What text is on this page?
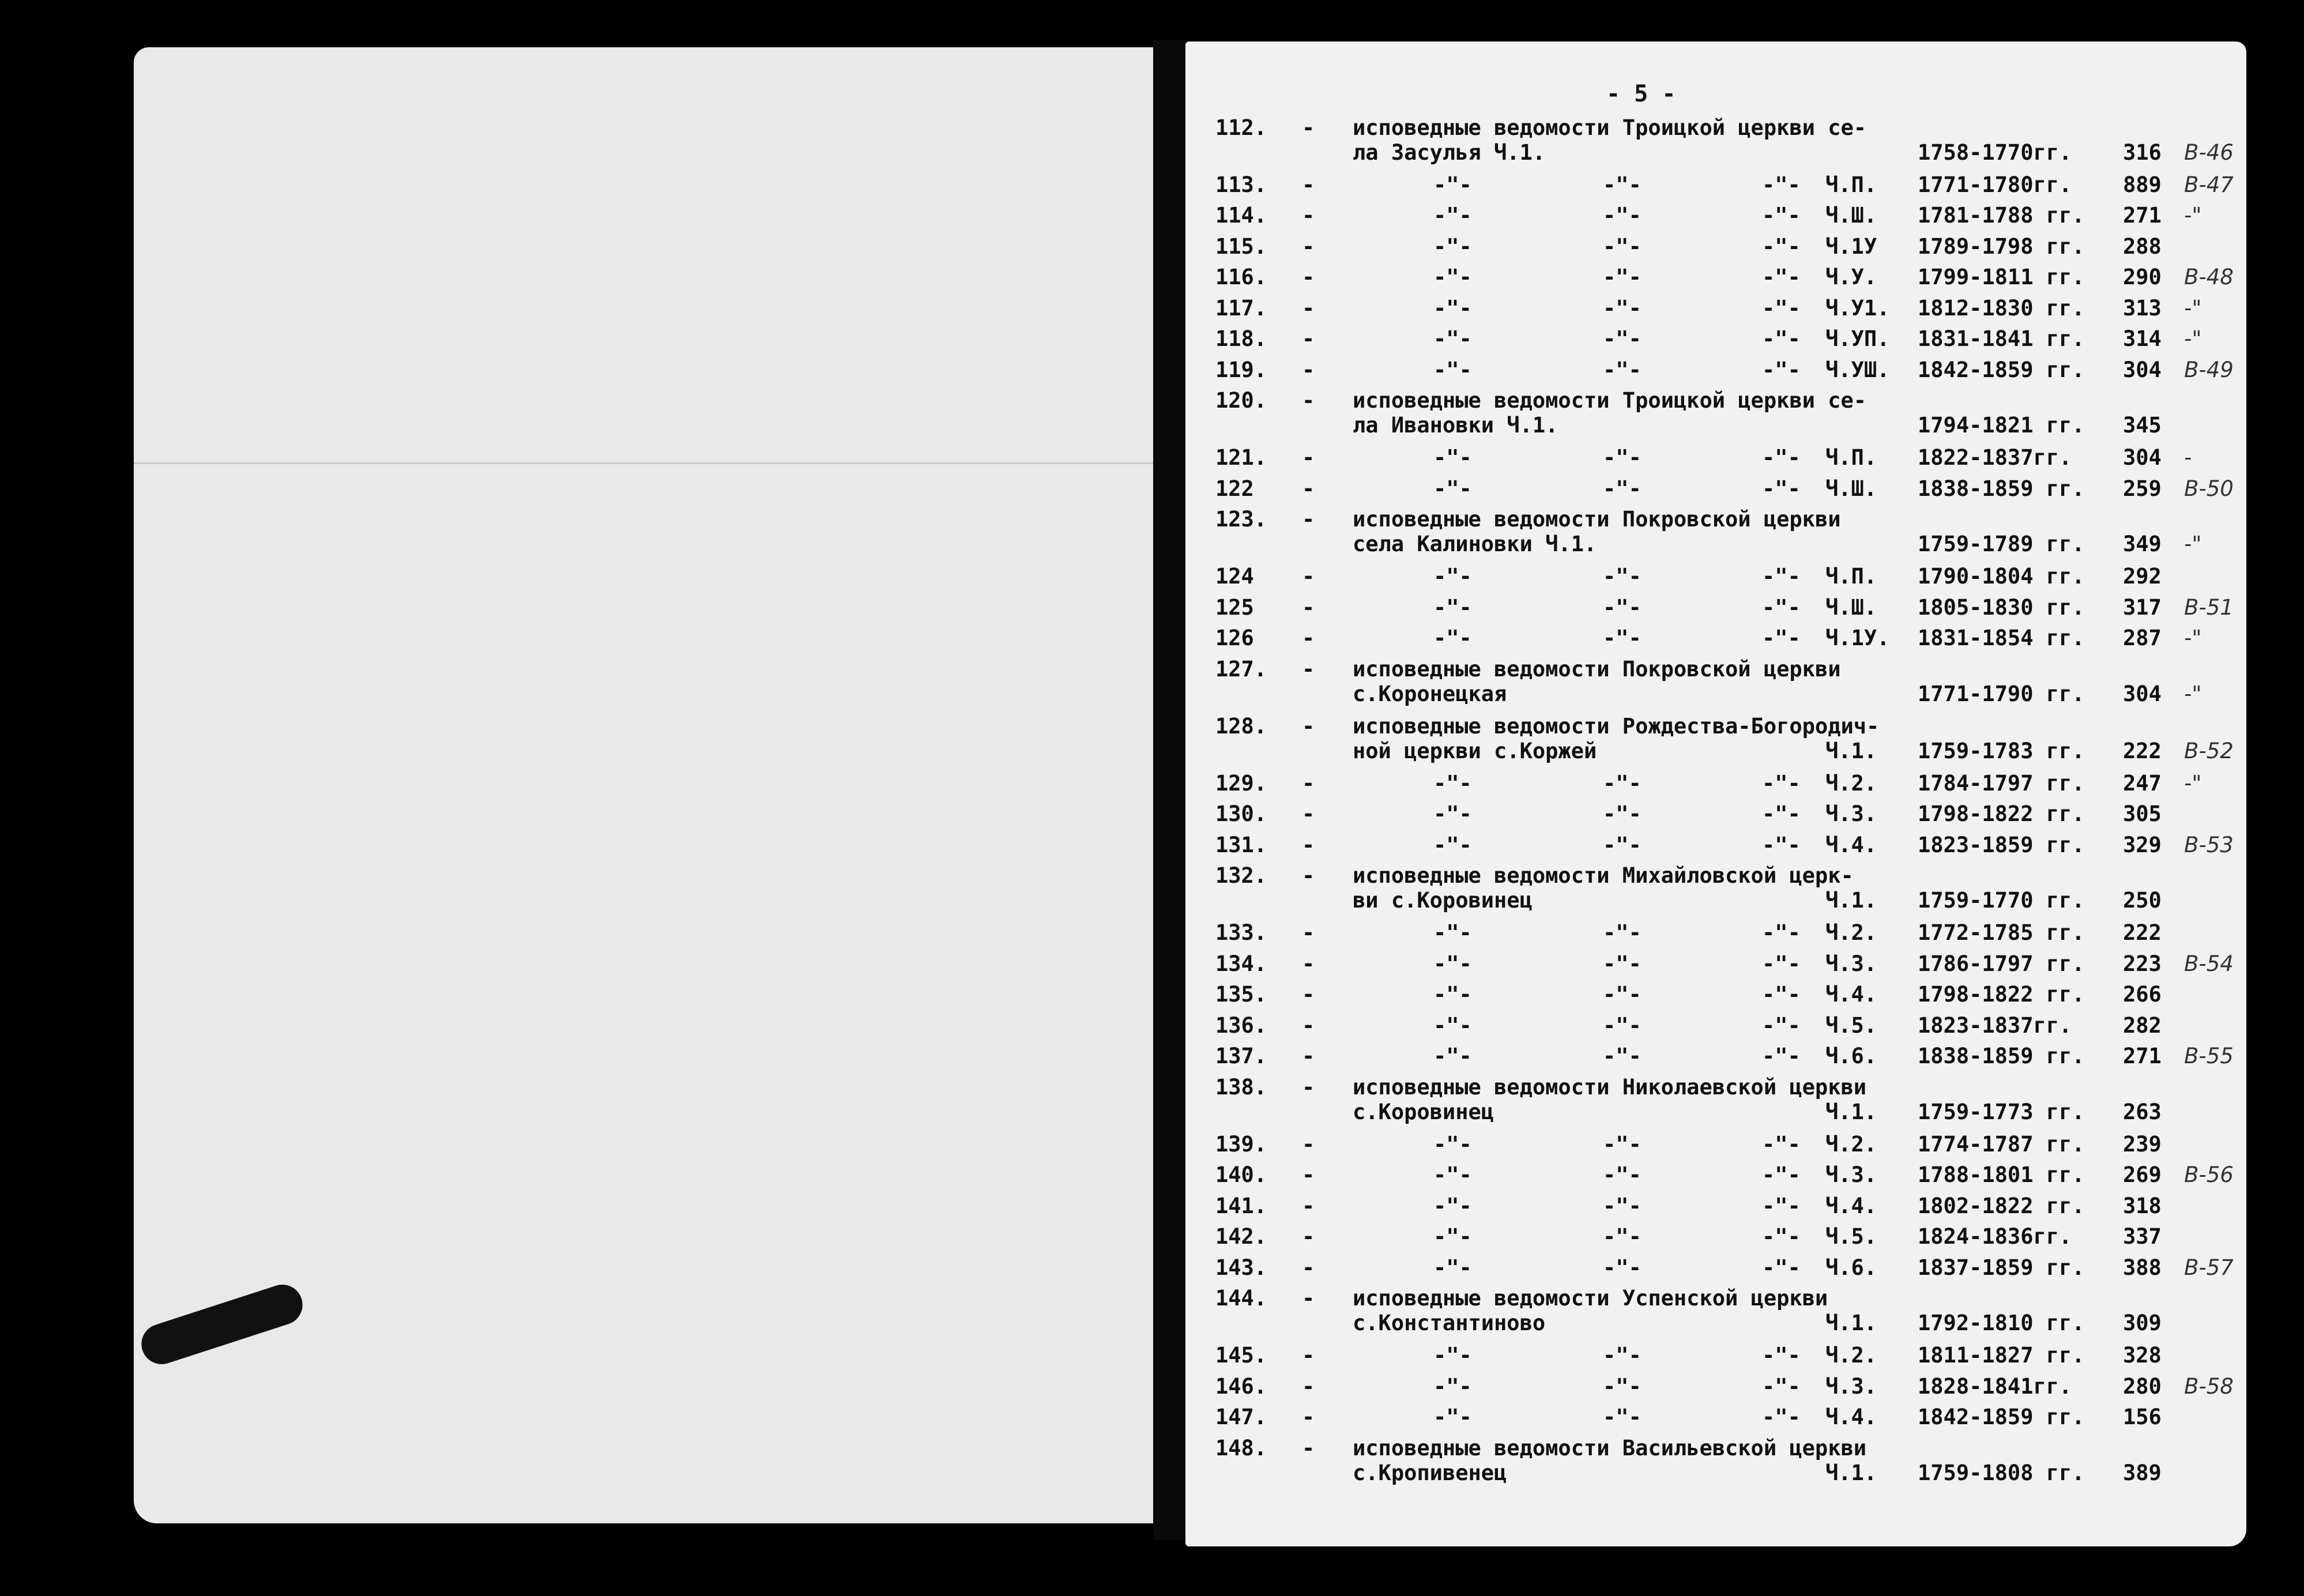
- 5 -
112. - исповедные ведомости Троицкой церкви се-
ла Засулья Ч.1.	1758-1770гг. 316 В-46
113. -	-"-	-"-	-"- Ч.П. 1771-1780гг. 889 В-47
114. -	-"-	-"-	-"- Ч.Ш. 1781-1788 гг. 271 -"
115. -	-"-	-"-	-"- Ч.1У 1789-1798 гг. 288
116. -	-"-	-"-	-"- Ч.У. 1799-1811 гг. 290 В-48
117. -	-"-	-"-	-"- Ч.У1. 1812-1830 гг. 313 -"
118. -	-"-	-"-	-"- Ч.УП. 1831-1841 гг. 314 -"
119. -	-"-	-"-	-"- Ч.УШ. 1842-1859 гг. 304 В-49
120. - исповедные ведомости Троицкой церкви се-
ла Ивановки Ч.1.	1794-1821 гг. 345
121. -	-"-	-"-	-"- Ч.П. 1822-1837гг. 304 -
122 -	-"-	-"-	-"- Ч.Ш. 1838-1859 гг. 259 В-50
123. - исповедные ведомости Покровской церкви
села Калиновки Ч.1.	1759-1789 гг. 349 -"
124 -	-"-	-"-	-"- Ч.П. 1790-1804 гг. 292
125 -	-"-	-"-	-"- Ч.Ш. 1805-1830 гг. 317 В-51
126 -	-"-	-"-	-"- Ч.1У. 1831-1854 гг. 287 -"
127. - исповедные ведомости Покровской церкви
с.Коронецкая	1771-1790 гг. 304 -"
128. - исповедные ведомости Рождества-Богородич-
ной церкви с.Коржей	Ч.1. 1759-1783 гг. 222 В-52
129. -	-"-	-"-	-"- Ч.2. 1784-1797 гг. 247 -"
130. -	-"-	-"-	-"- Ч.3. 1798-1822 гг. 305
131. -	-"-	-"-	-"- Ч.4. 1823-1859 гг. 329 В-53
132. - исповедные ведомости Михайловской церк-
ви с.Коровинец	Ч.1. 1759-1770 гг. 250
133. -	-"-	-"-	-"- Ч.2. 1772-1785 гг. 222
134. -	-"-	-"-	-"- Ч.3. 1786-1797 гг. 223 В-54
135. -	-"-	-"-	-"- Ч.4. 1798-1822 гг. 266
136. -	-"-	-"-	-"- Ч.5. 1823-1837гг. 282
137. -	-"-	-"-	-"- Ч.6. 1838-1859 гг. 271 В-55
138. - исповедные ведомости Николаевской церкви
с.Коровинец	Ч.1. 1759-1773 гг. 263
139. -	-"-	-"-	-"- Ч.2. 1774-1787 гг. 239
140. -	-"-	-"-	-"- Ч.3. 1788-1801 гг. 269 В-56
141. -	-"-	-"-	-"- Ч.4. 1802-1822 гг. 318
142. -	-"-	-"-	-"- Ч.5. 1824-1836гг. 337
143. -	-"-	-"-	-"- Ч.6. 1837-1859 гг. 388 В-57
144. - исповедные ведомости Успенской церкви
с.Константиново	Ч.1. 1792-1810 гг. 309
145. -	-"-	-"-	-"- Ч.2. 1811-1827 гг. 328
146. -	-"-	-"-	-"- Ч.3. 1828-1841гг. 280 В-58
147. -	-"-	-"-	-"- Ч.4. 1842-1859 гг. 156
148. - исповедные ведомости Васильевской церкви
с.Кропивенец	Ч.1. 1759-1808 гг. 389
